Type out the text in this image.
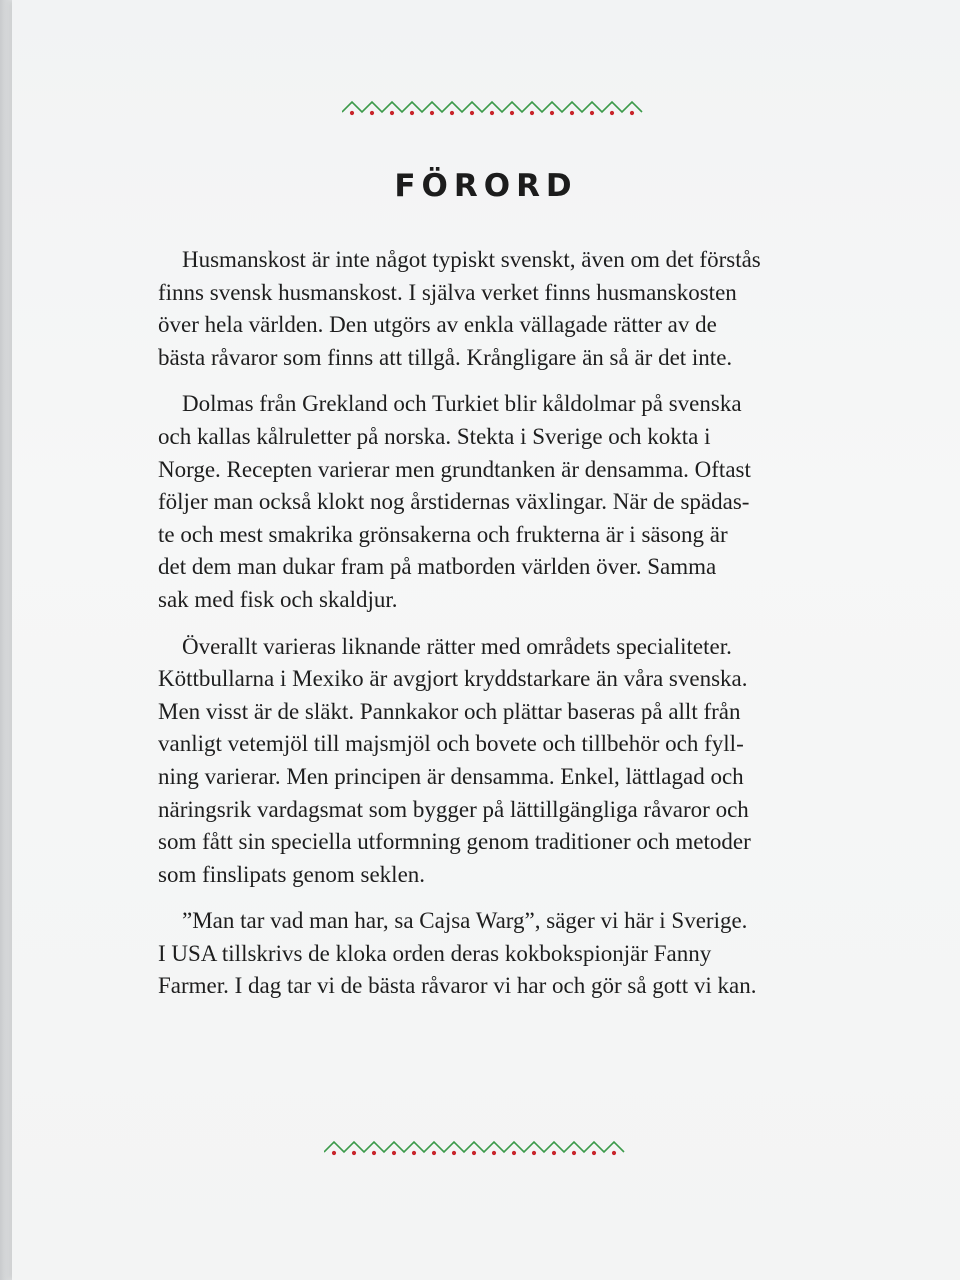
FÖRORD

Husmanskost är inte något typiskt svenskt, även om det förstås
finns svensk husmanskost. I själva verket finns husmanskosten
över hela världen. Den utgörs av enkla vällagade rätter av de
bästa råvaror som finns att tillgå. Krångligare än så är det inte.

Dolmas från Grekland och Turkiet blir kåldolmar på svenska
och kallas kålruletter på norska. Stekta i Sverige och kokta i
Norge. Recepten varierar men grundtanken är densamma. Oftast
följer man också klokt nog årstidernas växlingar. När de spädas-
te och mest smakrika grönsakerna och frukterna är i säsong är
det dem man dukar fram på matborden världen över. Samma
sak med fisk och skaldjur.

Överallt varieras liknande rätter med områdets specialiteter.
Köttbullarna i Mexiko är avgjort kryddstarkare än våra svenska.
Men visst är de släkt. Pannkakor och plättar baseras på allt från
vanligt vetemjöl till majsmjöl och bovete och tillbehör och fyll-
ning varierar. Men principen är densamma. Enkel, lättlagad och
näringsrik vardagsmat som bygger på lättillgängliga råvaror och
som fått sin speciella utformning genom traditioner och metoder
som finslipats genom seklen.

”Man tar vad man har, sa Cajsa Warg”, säger vi här i Sverige.
I USA tillskrivs de kloka orden deras kokbokspionjär Fanny
Farmer. I dag tar vi de bästa råvaror vi har och gör så gott vi kan.
